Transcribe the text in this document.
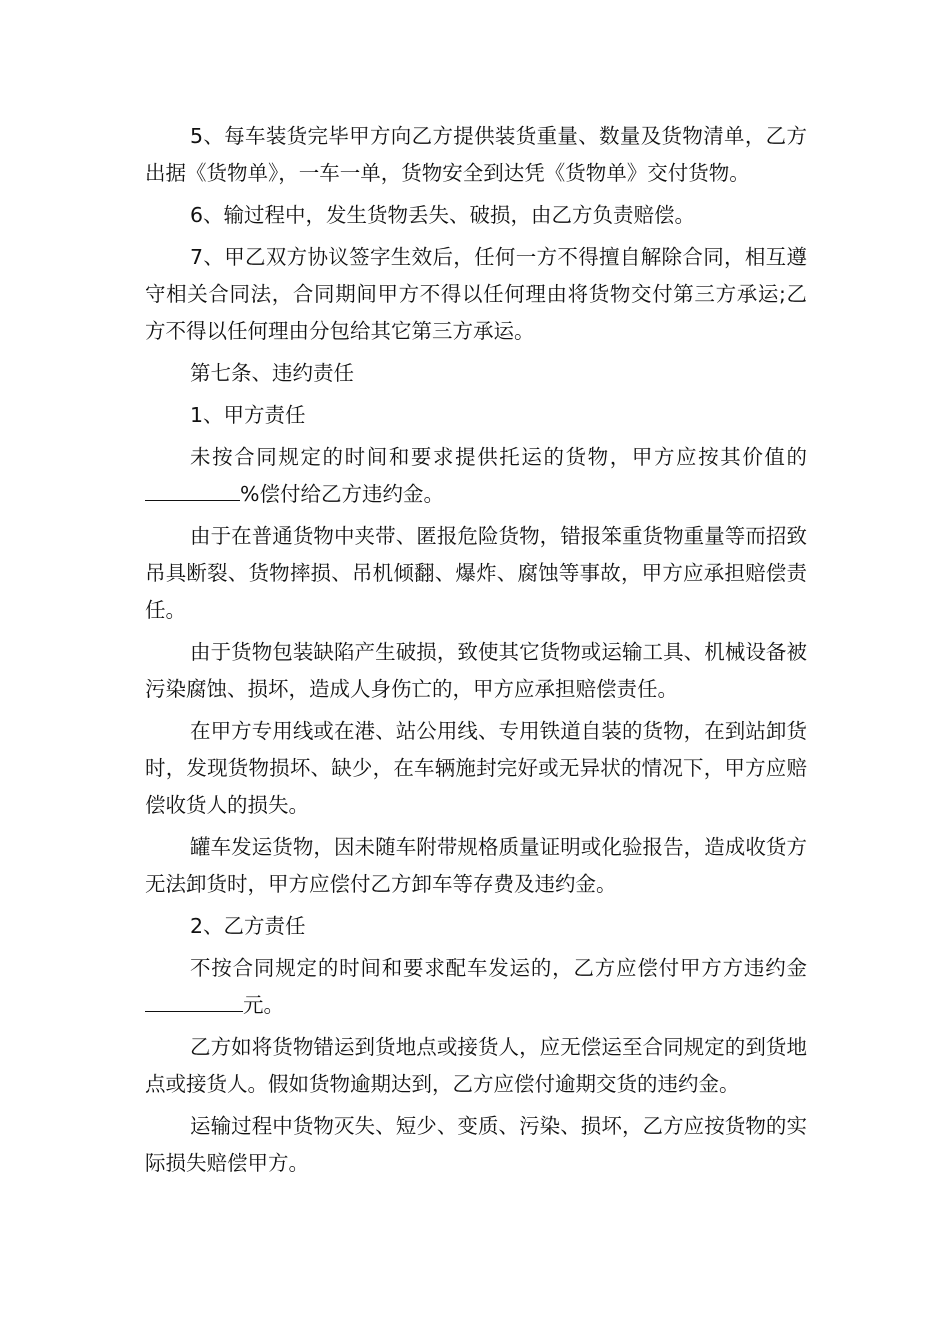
5、每车装货完毕甲方向乙方提供装货重量、数量及货物清单，乙方出据《货物单》，一车一单，货物安全到达凭《货物单》交付货物。

6、输过程中，发生货物丢失、破损，由乙方负责赔偿。

7、甲乙双方协议签字生效后，任何一方不得擅自解除合同，相互遵守相关合同法，合同期间甲方不得以任何理由将货物交付第三方承运;乙方不得以任何理由分包给其它第三方承运。

第七条、违约责任

1、甲方责任

未按合同规定的时间和要求提供托运的货物，甲方应按其价值的%偿付给乙方违约金。

由于在普通货物中夹带、匿报危险货物，错报笨重货物重量等而招致吊具断裂、货物摔损、吊机倾翻、爆炸、腐蚀等事故，甲方应承担赔偿责任。

由于货物包装缺陷产生破损，致使其它货物或运输工具、机械设备被污染腐蚀、损坏，造成人身伤亡的，甲方应承担赔偿责任。

在甲方专用线或在港、站公用线、专用铁道自装的货物，在到站卸货时，发现货物损坏、缺少，在车辆施封完好或无异状的情况下，甲方应赔偿收货人的损失。

罐车发运货物，因未随车附带规格质量证明或化验报告，造成收货方无法卸货时，甲方应偿付乙方卸车等存费及违约金。

2、乙方责任

不按合同规定的时间和要求配车发运的，乙方应偿付甲方方违约金元。

乙方如将货物错运到货地点或接货人，应无偿运至合同规定的到货地点或接货人。假如货物逾期达到，乙方应偿付逾期交货的违约金。

运输过程中货物灭失、短少、变质、污染、损坏，乙方应按货物的实际损失赔偿甲方。
